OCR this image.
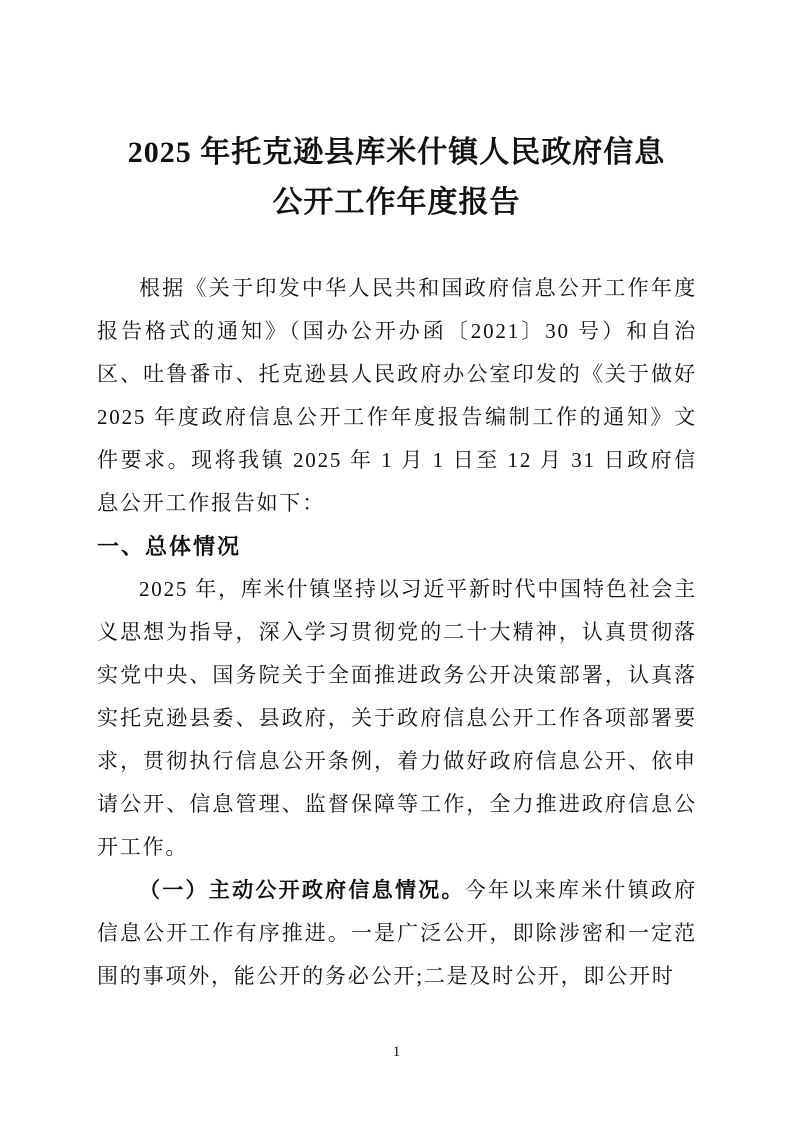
2025 年托克逊县库米什镇人民政府信息公开工作年度报告

根据《关于印发中华人民共和国政府信息公开工作年度报告格式的通知》（国办公开办函〔2021〕30 号）和自治区、吐鲁番市、托克逊县人民政府办公室印发的《关于做好 2025 年度政府信息公开工作年度报告编制工作的通知》文件要求。现将我镇 2025 年 1 月 1 日至 12 月 31 日政府信息公开工作报告如下：

一、总体情况

2025 年，库米什镇坚持以习近平新时代中国特色社会主义思想为指导，深入学习贯彻党的二十大精神，认真贯彻落实党中央、国务院关于全面推进政务公开决策部署，认真落实托克逊县委、县政府，关于政府信息公开工作各项部署要求，贯彻执行信息公开条例，着力做好政府信息公开、依申请公开、信息管理、监督保障等工作，全力推进政府信息公开工作。

（一）主动公开政府信息情况。今年以来库米什镇政府信息公开工作有序推进。一是广泛公开，即除涉密和一定范围的事项外，能公开的务必公开;二是及时公开，即公开时

1
